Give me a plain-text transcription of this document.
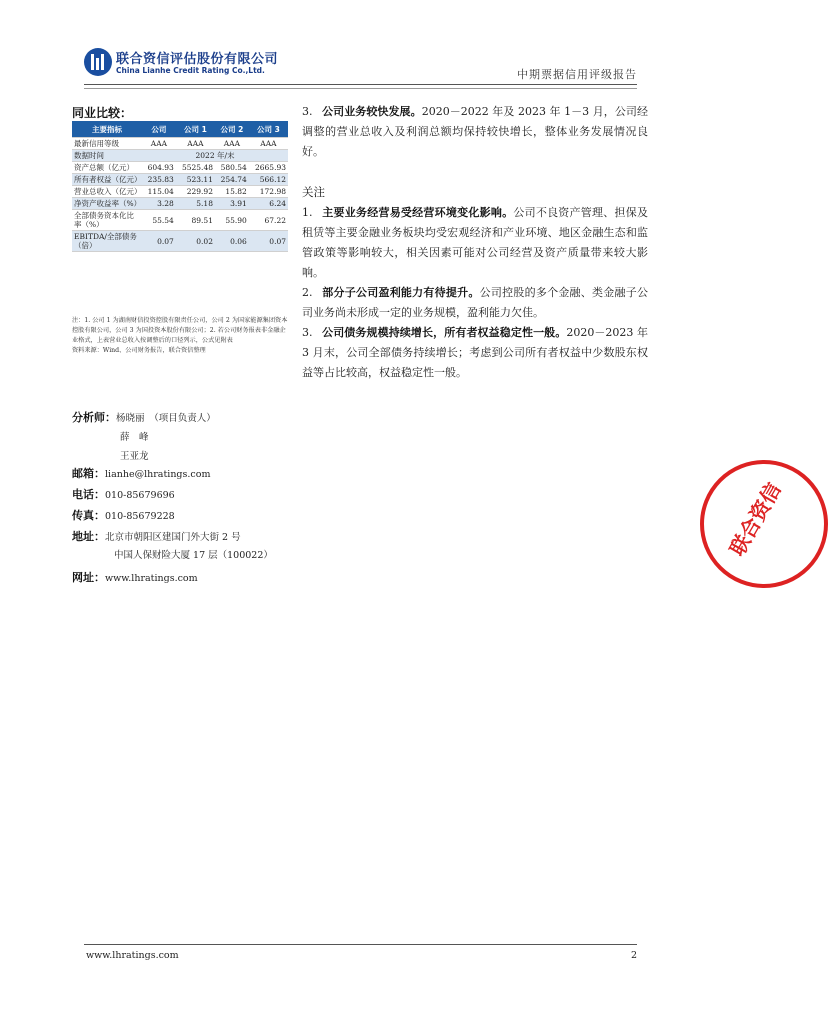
联合资信评估股份有限公司
China Lianhe Credit Rating Co.,Ltd.	中期票据信用评级报告
同业比较：
主要指标	公司	公司 1	公司 2	公司 3
最新信用等级	AAA	AAA	AAA	AAA
数据时间	2022 年/末			
资产总额（亿元）	604.93	5525.48	580.54	2665.93
所有者权益（亿元）	235.83	523.11	254.74	566.12
营业总收入（亿元）	115.04	229.92	15.82	172.98
净资产收益率（%）	3.28	5.18	3.91	6.24
全部债务资本化比率（%）	55.54	89.51	55.90	67.22
EBITDA/全部债务（倍）	0.07	0.02	0.06	0.07
注：1. 公司 1 为湖南财信投资控股有限责任公司，公司 2 为国家能源集团资本控股有限公司，公司 3 为国投资本股份有限公司；2. 若公司财务报表非金融企业格式，上表营业总收入按调整后的口径列示，公式见附表
资料来源：Wind、公司财务报告，联合资信整理
分析师：杨晓丽　（项目负责人）
薛　峰
王亚龙
邮箱：lianhe@lhratings.com
电话：010-85679696
传真：010-85679228
地址：北京市朝阳区建国门外大街 2 号
中国人保财险大厦 17 层（100022）
网址：www.lhratings.com
3. 公司业务较快发展。2020－2022 年及 2023 年 1－3 月，公司经调整的营业总收入及利润总额均保持较快增长，整体业务发展情况良好。
关注
1. 主要业务经营易受经营环境变化影响。公司不良资产管理、担保及租赁等主要金融业务板块均受宏观经济和产业环境、地区金融生态和监管政策等影响较大，相关因素可能对公司经营及资产质量带来较大影响。
2. 部分子公司盈利能力有待提升。公司控股的多个金融、类金融子公司业务尚未形成一定的业务规模，盈利能力欠佳。
3. 公司债务规模持续增长，所有者权益稳定性一般。2020－2023 年 3 月末，公司全部债务持续增长；考虑到公司所有者权益中少数股东权益等占比较高，权益稳定性一般。
联合资信
www.lhratings.com	2
